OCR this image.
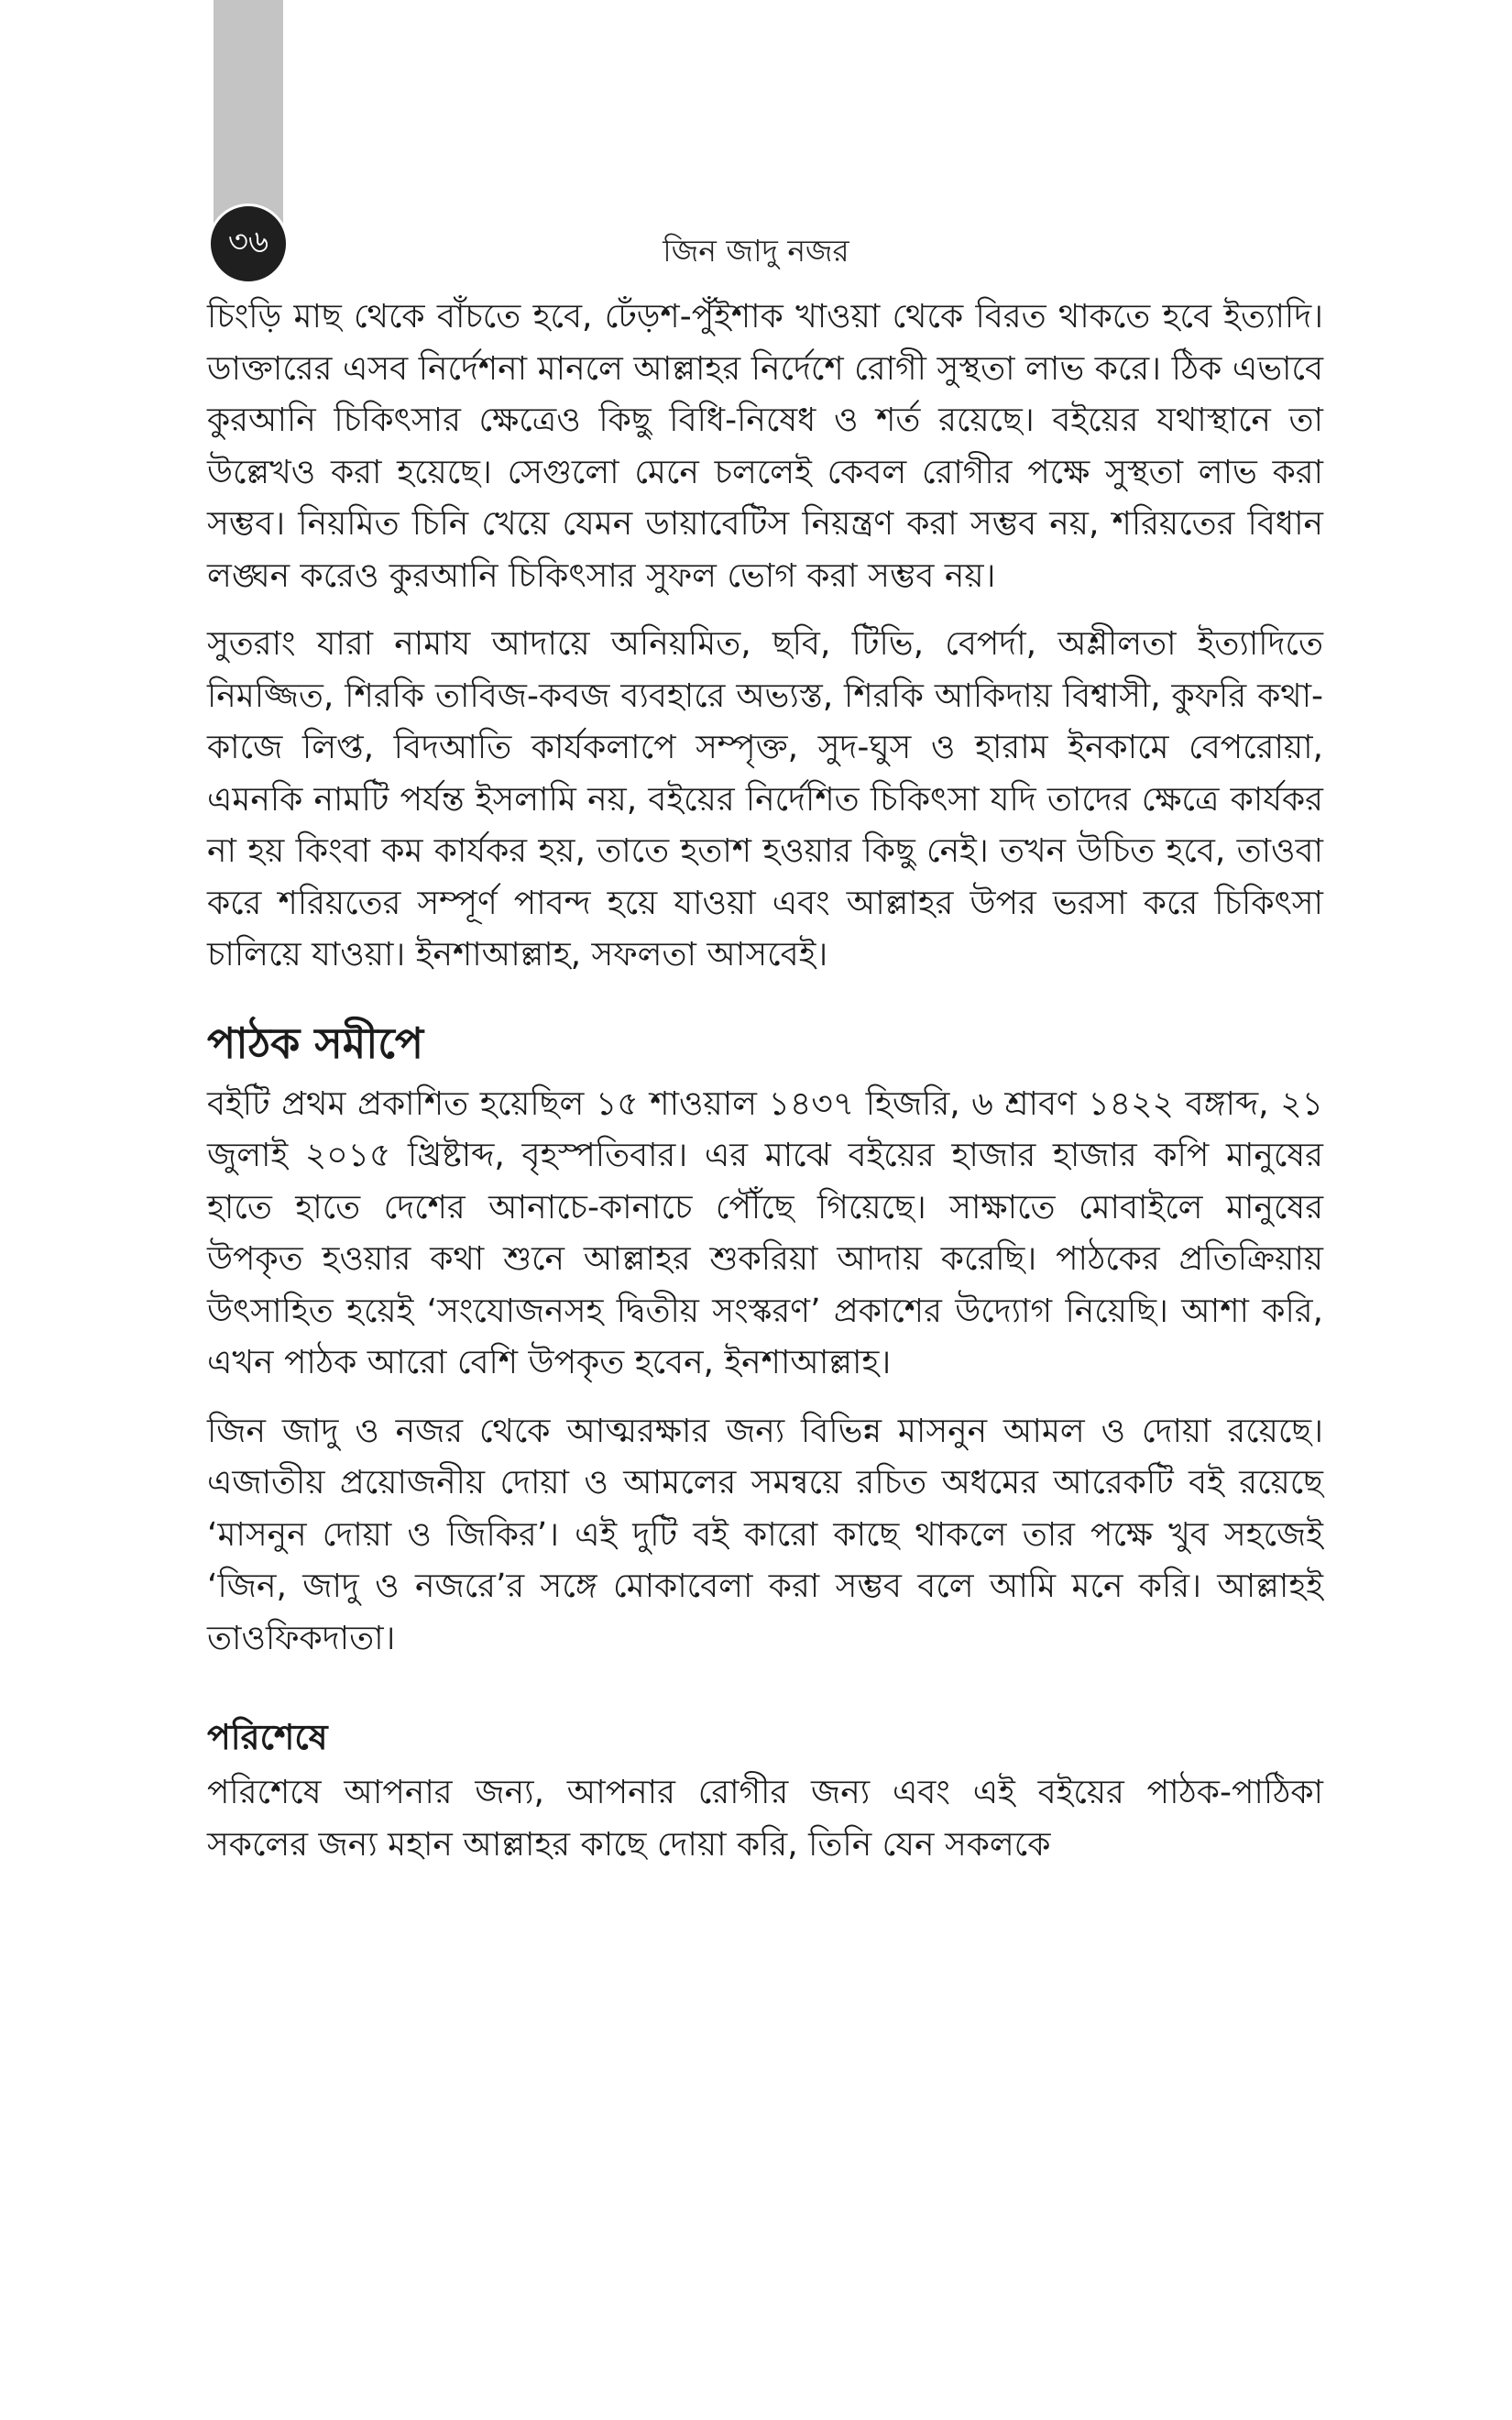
৩৬	জিন জাদু নজর

চিংড়ি মাছ থেকে বাঁচতে হবে, ঢেঁড়শ-পুঁইশাক খাওয়া থেকে বিরত থাকতে হবে ইত্যাদি। ডাক্তারের এসব নির্দেশনা মানলে আল্লাহর নির্দেশে রোগী সুস্থতা লাভ করে। ঠিক এভাবে কুরআনি চিকিৎসার ক্ষেত্রেও কিছু বিধি-নিষেধ ও শর্ত রয়েছে। বইয়ের যথাস্থানে তা উল্লেখও করা হয়েছে। সেগুলো মেনে চললেই কেবল রোগীর পক্ষে সুস্থতা লাভ করা সম্ভব। নিয়মিত চিনি খেয়ে যেমন ডায়াবেটিস নিয়ন্ত্রণ করা সম্ভব নয়, শরিয়তের বিধান লঙ্ঘন করেও কুরআনি চিকিৎসার সুফল ভোগ করা সম্ভব নয়।

সুতরাং যারা নামায আদায়ে অনিয়মিত, ছবি, টিভি, বেপর্দা, অশ্লীলতা ইত্যাদিতে নিমজ্জিত, শিরকি তাবিজ-কবজ ব্যবহারে অভ্যস্ত, শিরকি আকিদায় বিশ্বাসী, কুফরি কথা-কাজে লিপ্ত, বিদআতি কার্যকলাপে সম্পৃক্ত, সুদ-ঘুস ও হারাম ইনকামে বেপরোয়া, এমনকি নামটি পর্যন্ত ইসলামি নয়, বইয়ের নির্দেশিত চিকিৎসা যদি তাদের ক্ষেত্রে কার্যকর না হয় কিংবা কম কার্যকর হয়, তাতে হতাশ হওয়ার কিছু নেই। তখন উচিত হবে, তাওবা করে শরিয়তের সম্পূর্ণ পাবন্দ হয়ে যাওয়া এবং আল্লাহর উপর ভরসা করে চিকিৎসা চালিয়ে যাওয়া। ইনশাআল্লাহ, সফলতা আসবেই।

পাঠক সমীপে

বইটি প্রথম প্রকাশিত হয়েছিল ১৫ শাওয়াল ১৪৩৭ হিজরি, ৬ শ্রাবণ ১৪২২ বঙ্গাব্দ, ২১ জুলাই ২০১৫ খ্রিষ্টাব্দ, বৃহস্পতিবার। এর মাঝে বইয়ের হাজার হাজার কপি মানুষের হাতে হাতে দেশের আনাচে-কানাচে পৌঁছে গিয়েছে। সাক্ষাতে মোবাইলে মানুষের উপকৃত হওয়ার কথা শুনে আল্লাহর শুকরিয়া আদায় করেছি। পাঠকের প্রতিক্রিয়ায় উৎসাহিত হয়েই ‘সংযোজনসহ দ্বিতীয় সংস্করণ’ প্রকাশের উদ্যোগ নিয়েছি। আশা করি, এখন পাঠক আরো বেশি উপকৃত হবেন, ইনশাআল্লাহ।

জিন জাদু ও নজর থেকে আত্মরক্ষার জন্য বিভিন্ন মাসনুন আমল ও দোয়া রয়েছে। এজাতীয় প্রয়োজনীয় দোয়া ও আমলের সমন্বয়ে রচিত অধমের আরেকটি বই রয়েছে ‘মাসনুন দোয়া ও জিকির’। এই দুটি বই কারো কাছে থাকলে তার পক্ষে খুব সহজেই ‘জিন, জাদু ও নজরে’র সঙ্গে মোকাবেলা করা সম্ভব বলে আমি মনে করি। আল্লাহই তাওফিকদাতা।

পরিশেষে

পরিশেষে আপনার জন্য, আপনার রোগীর জন্য এবং এই বইয়ের পাঠক-পাঠিকা সকলের জন্য মহান আল্লাহর কাছে দোয়া করি, তিনি যেন সকলকে
